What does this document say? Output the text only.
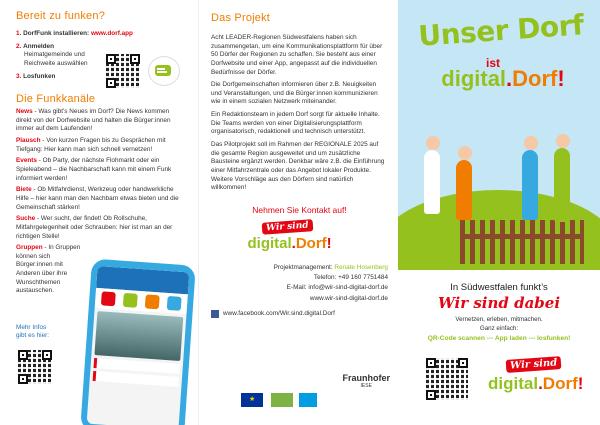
Bereit zu funken?
1. DorfFunk installieren: www.dorf.app
2. Anmelden
Heimatgemeinde und Reichweite auswählen
3. Losfunken
Die Funkkanäle

News - Was gibt’s Neues im Dorf? Die News kommen direkt von der Dorfwebsite und halten die Bürger:innen immer auf dem Laufenden!

Plausch - Von kurzen Fragen bis zu Gesprächen mit Tiefgang: Hier kann man sich schnell vernetzen!

Events - Ob Party, der nächste Flohmarkt oder ein Spieleabend – die Nachbarschaft kann mit einem Funk informiert werden!

Biete - Ob Mitfahrdienst, Werkzeug oder handwerkliche Hilfe – hier kann man den Nachbarn etwas bieten und die Gemeinschaft stärken!

Suche - Wer sucht, der findet! Ob Rollschuhe, Mitfahrgelegenheit oder Schrauben: hier ist man an der richtigen Stelle!

Gruppen - In Gruppen können sich Bürger:innen mit Anderen über ihre Wunschthemen austauschen.

Mehr Infos gibt es hier:
Das Projekt

Acht LEADER-Regionen Südwestfalens haben sich zusammengetan, um eine Kommunikationsplattform für über 50 Dörfer der Regionen zu schaffen. Sie besteht aus einer Dorfwebsite und einer App, angepasst auf die individuellen Bedürfnisse der Dörfer.

Die Dorfgemeinschaften informieren über z.B. Neuigkeiten und Veranstaltungen, und die Bürger:innen kommunizieren wie in einem sozialen Netzwerk miteinander.

Ein Redaktionsteam in jedem Dorf sorgt für aktuelle Inhalte. Die Teams werden von einer Digitalisierungsplattform organisatorisch, redaktionell und technisch unterstützt.

Das Pilotprojekt soll im Rahmen der REGIONALE 2025 auf die gesamte Region ausgeweitet und um zusätzliche Bausteine ergänzt werden. Denkbar wäre z.B. die Einführung einer Mitfahrzentrale oder das Angebot lokaler Produkte. Weitere Vorschläge aus den Dörfern sind natürlich willkommen!

Nehmen Sie Kontakt auf!
Wir sind
digital.Dorf!
Projektmanagement: Renate Hosenberg
Telefon: +49 160 7751484
E-Mail: info@wir-sind-digital-dorf.de
www.wir-sind-digital-dorf.de
www.facebook.com/Wir.sind.digital.Dorf
Fraunhofer
IESE
★
Unser Dorf
ist
digital.Dorf!
In Südwestfalen funkt’s
Wir sind dabei
Vernetzen, erleben, mitmachen.
Ganz einfach:
QR-Code scannen --- App laden --- losfunken!
Wir sind
digital.Dorf!
